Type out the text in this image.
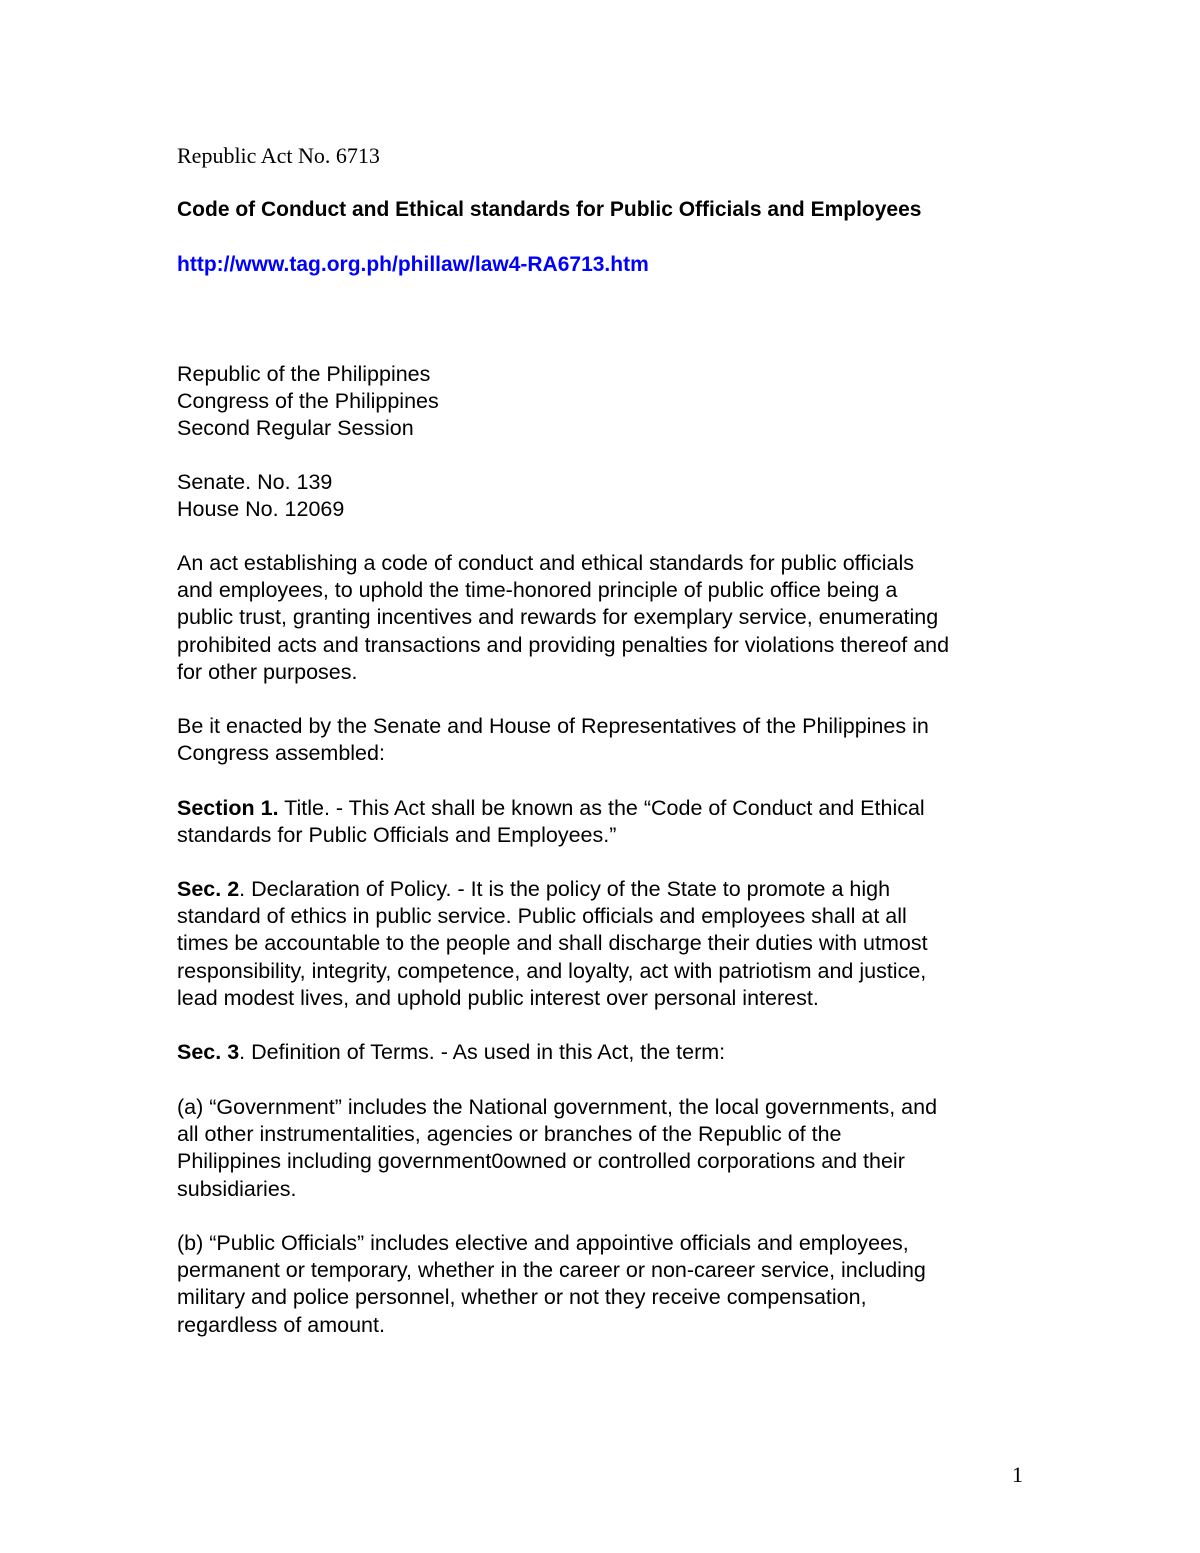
Republic Act No. 6713

Code of Conduct and Ethical standards for Public Officials and Employees

http://www.tag.org.ph/phillaw/law4-RA6713.htm
Republic of the Philippines
Congress of the Philippines
Second Regular Session
Senate. No. 139
House No. 12069
An act establishing a code of conduct and ethical standards for public officials
and employees, to uphold the time-honored principle of public office being a
public trust, granting incentives and rewards for exemplary service, enumerating
prohibited acts and transactions and providing penalties for violations thereof and
for other purposes.
Be it enacted by the Senate and House of Representatives of the Philippines in
Congress assembled:
Section 1. Title. - This Act shall be known as the “Code of Conduct and Ethical
standards for Public Officials and Employees.”
Sec. 2. Declaration of Policy. - It is the policy of the State to promote a high
standard of ethics in public service. Public officials and employees shall at all
times be accountable to the people and shall discharge their duties with utmost
responsibility, integrity, competence, and loyalty, act with patriotism and justice,
lead modest lives, and uphold public interest over personal interest.
Sec. 3. Definition of Terms. - As used in this Act, the term:
(a) “Government” includes the National government, the local governments, and
all other instrumentalities, agencies or branches of the Republic of the
Philippines including government0owned or controlled corporations and their
subsidiaries.
(b) “Public Officials” includes elective and appointive officials and employees,
permanent or temporary, whether in the career or non-career service, including
military and police personnel, whether or not they receive compensation,
regardless of amount.

1
